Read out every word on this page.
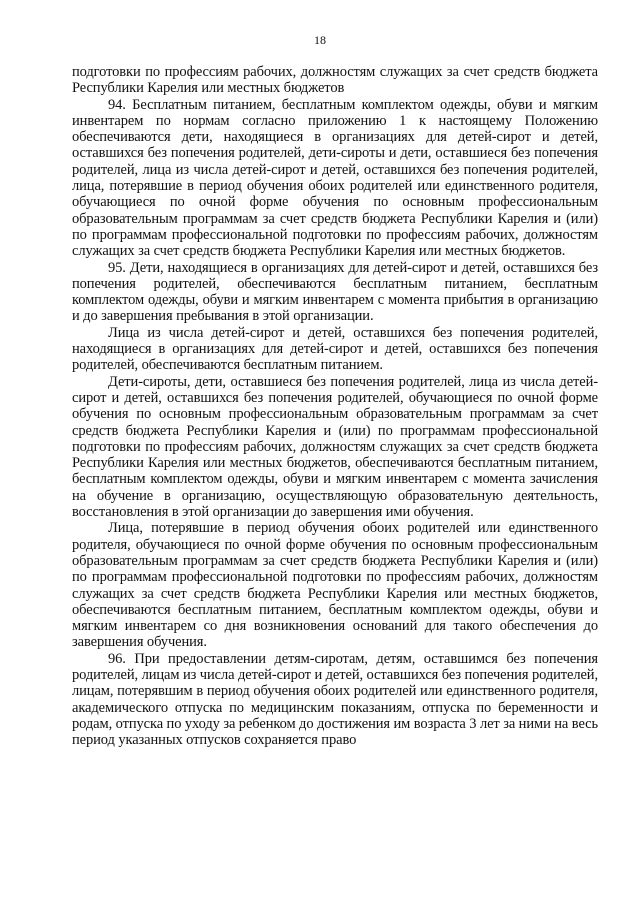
18

подготовки по профессиям рабочих, должностям служащих за счет средств бюджета Республики Карелия или местных бюджетов

94. Бесплатным питанием, бесплатным комплектом одежды, обуви и мягким инвентарем по нормам согласно приложению 1 к настоящему Положению обеспечиваются дети, находящиеся в организациях для детей-сирот и детей, оставшихся без попечения родителей, дети-сироты и дети, оставшиеся без попечения родителей, лица из числа детей-сирот и детей, оставшихся без попечения родителей, лица, потерявшие в период обучения обоих родителей или единственного родителя, обучающиеся по очной форме обучения по основным профессиональным образовательным программам за счет средств бюджета Республики Карелия и (или) по программам профессиональной подготовки по профессиям рабочих, должностям служащих за счет средств бюджета Республики Карелия или местных бюджетов.

95. Дети, находящиеся в организациях для детей-сирот и детей, оставшихся без попечения родителей, обеспечиваются бесплатным питанием, бесплатным комплектом одежды, обуви и мягким инвентарем с момента прибытия в организацию и до завершения пребывания в этой организации.

Лица из числа детей-сирот и детей, оставшихся без попечения родителей, находящиеся в организациях для детей-сирот и детей, оставшихся без попечения родителей, обеспечиваются бесплатным питанием.

Дети-сироты, дети, оставшиеся без попечения родителей, лица из числа детей-сирот и детей, оставшихся без попечения родителей, обучающиеся по очной форме обучения по основным профессиональным образовательным программам за счет средств бюджета Республики Карелия и (или) по программам профессиональной подготовки по профессиям рабочих, должностям служащих за счет средств бюджета Республики Карелия или местных бюджетов, обеспечиваются бесплатным питанием, бесплатным комплектом одежды, обуви и мягким инвентарем с момента зачисления на обучение в организацию, осуществляющую образовательную деятельность, восстановления в этой организации до завершения ими обучения.

Лица, потерявшие в период обучения обоих родителей или единственного родителя, обучающиеся по очной форме обучения по основным профессиональным образовательным программам за счет средств бюджета Республики Карелия и (или) по программам профессиональной подготовки по профессиям рабочих, должностям служащих за счет средств бюджета Республики Карелия или местных бюджетов, обеспечиваются бесплатным питанием, бесплатным комплектом одежды, обуви и мягким инвентарем со дня возникновения оснований для такого обеспечения до завершения обучения.

96. При предоставлении детям-сиротам, детям, оставшимся без попечения родителей, лицам из числа детей-сирот и детей, оставшихся без попечения родителей, лицам, потерявшим в период обучения обоих родителей или единственного родителя, академического отпуска по медицинским показаниям, отпуска по беременности и родам, отпуска по уходу за ребенком до достижения им возраста 3 лет за ними на весь период указанных отпусков сохраняется право
